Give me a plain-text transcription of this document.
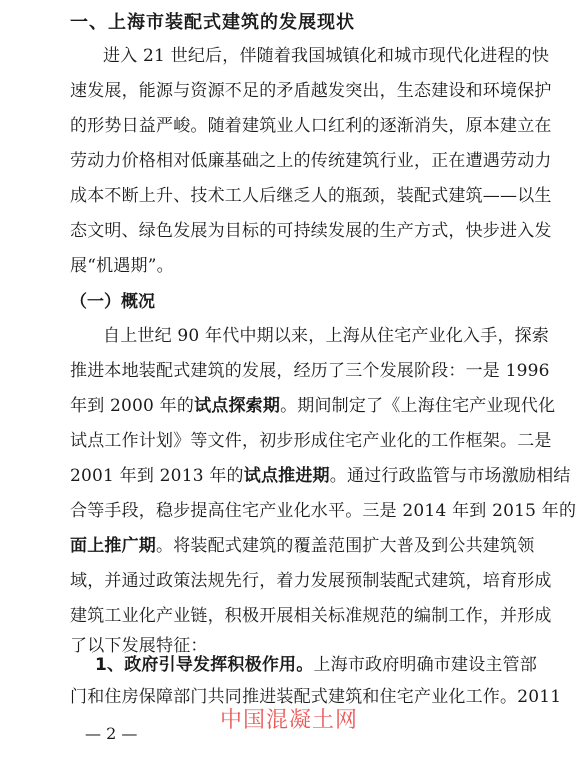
一、上海市装配式建筑的发展现状
进入 21 世纪后，伴随着我国城镇化和城市现代化进程的快
速发展，能源与资源不足的矛盾越发突出，生态建设和环境保护
的形势日益严峻。随着建筑业人口红利的逐渐消失，原本建立在
劳动力价格相对低廉基础之上的传统建筑行业，正在遭遇劳动力
成本不断上升、技术工人后继乏人的瓶颈，装配式建筑——以生
态文明、绿色发展为目标的可持续发展的生产方式，快步进入发
展“机遇期”。
（一）概况
自上世纪 90 年代中期以来，上海从住宅产业化入手，探索
推进本地装配式建筑的发展，经历了三个发展阶段：一是 1996
年到 2000 年的试点探索期。期间制定了《上海住宅产业现代化
试点工作计划》等文件，初步形成住宅产业化的工作框架。二是
2001 年到 2013 年的试点推进期。通过行政监管与市场激励相结
合等手段，稳步提高住宅产业化水平。三是 2014 年到 2015 年的
面上推广期。将装配式建筑的覆盖范围扩大普及到公共建筑领
域，并通过政策法规先行，着力发展预制装配式建筑，培育形成
建筑工业化产业链，积极开展相关标准规范的编制工作，并形成
了以下发展特征：
1、政府引导发挥积极作用。上海市政府明确市建设主管部
门和住房保障部门共同推进装配式建筑和住宅产业化工作。2011
中国混凝土网
— 2 —
